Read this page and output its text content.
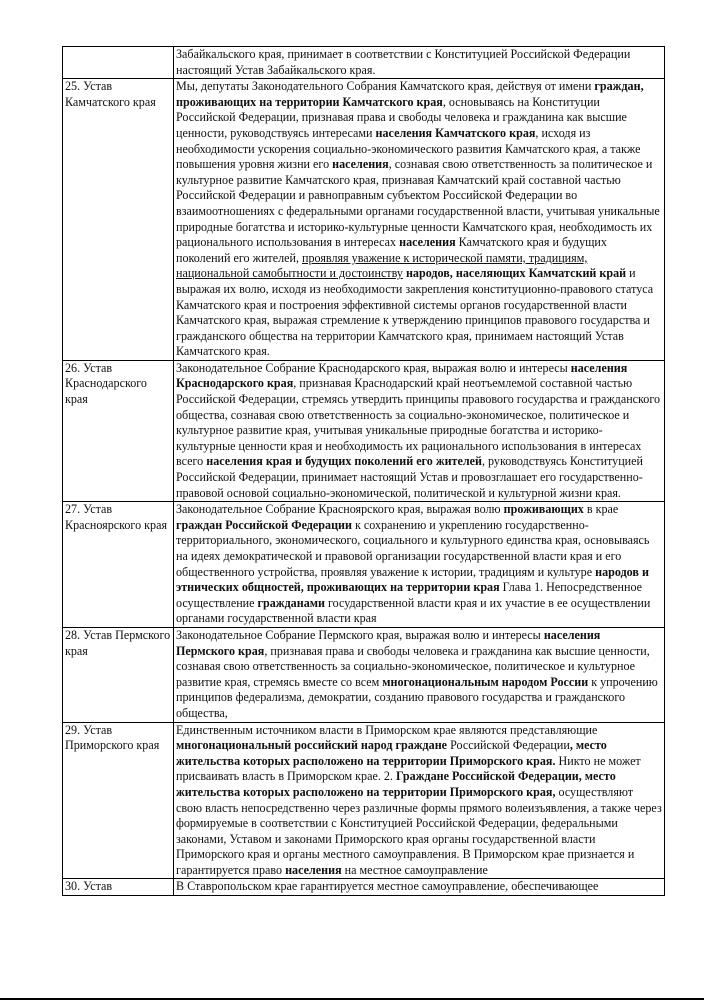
	Забайкальского края, принимает в соответствии с Конституцией Российской Федерации настоящий Устав Забайкальского края.
25. Устав Камчатского края	Мы, депутаты Законодательного Собрания Камчатского края, действуя от имени граждан, проживающих на территории Камчатского края, основываясь на Конституции Российской Федерации, признавая права и свободы человека и гражданина как высшие ценности, руководствуясь интересами населения Камчатского края, исходя из необходимости ускорения социально-экономического развития Камчатского края, а также повышения уровня жизни его населения, сознавая свою ответственность за политическое и культурное развитие Камчатского края, признавая Камчатский край составной частью Российской Федерации и равноправным субъектом Российской Федерации во взаимоотношениях с федеральными органами государственной власти, учитывая уникальные природные богатства и историко-культурные ценности Камчатского края, необходимость их рационального использования в интересах населения Камчатского края и будущих поколений его жителей, проявляя уважение к исторической памяти, традициям, национальной самобытности и достоинству народов, населяющих Камчатский край и выражая их волю, исходя из необходимости закрепления конституционно-правового статуса Камчатского края и построения эффективной системы органов государственной власти Камчатского края, выражая стремление к утверждению принципов правового государства и гражданского общества на территории Камчатского края, принимаем настоящий Устав Камчатского края.
26. Устав Краснодарского края	Законодательное Собрание Краснодарского края, выражая волю и интересы населения Краснодарского края, признавая Краснодарский край неотъемлемой составной частью Российской Федерации, стремясь утвердить принципы правового государства и гражданского общества, сознавая свою ответственность за социально-экономическое, политическое и культурное развитие края, учитывая уникальные природные богатства и историко-культурные ценности края и необходимость их рационального использования в интересах всего населения края и будущих поколений его жителей, руководствуясь Конституцией Российской Федерации, принимает настоящий Устав и провозглашает его государственно-правовой основой социально-экономической, политической и культурной жизни края.
27. Устав Красноярского края	Законодательное Собрание Красноярского края, выражая волю проживающих в крае граждан Российской Федерации к сохранению и укреплению государственно-территориального, экономического, социального и культурного единства края, основываясь на идеях демократической и правовой организации государственной власти края и его общественного устройства, проявляя уважение к истории, традициям и культуре народов и этнических общностей, проживающих на территории края Глава 1. Непосредственное осуществление гражданами государственной власти края и их участие в ее осуществлении органами государственной власти края
28. Устав Пермского края	Законодательное Собрание Пермского края, выражая волю и интересы населения Пермского края, признавая права и свободы человека и гражданина как высшие ценности, сознавая свою ответственность за социально-экономическое, политическое и культурное развитие края, стремясь вместе со всем многонациональным народом России к упрочению принципов федерализма, демократии, созданию правового государства и гражданского общества,
29. Устав Приморского края	Единственным источником власти в Приморском крае являются представляющие многонациональный российский народ граждане Российской Федерации, место жительства которых расположено на территории Приморского края. Никто не может присваивать власть в Приморском крае. 2. Граждане Российской Федерации, место жительства которых расположено на территории Приморского края, осуществляют свою власть непосредственно через различные формы прямого волеизъявления, а также через формируемые в соответствии с Конституцией Российской Федерации, федеральными законами, Уставом и законами Приморского края органы государственной власти Приморского края и органы местного самоуправления. В Приморском крае признается и гарантируется право населения на местное самоуправление
30. Устав	В Ставропольском крае гарантируется местное самоуправление, обеспечивающее
